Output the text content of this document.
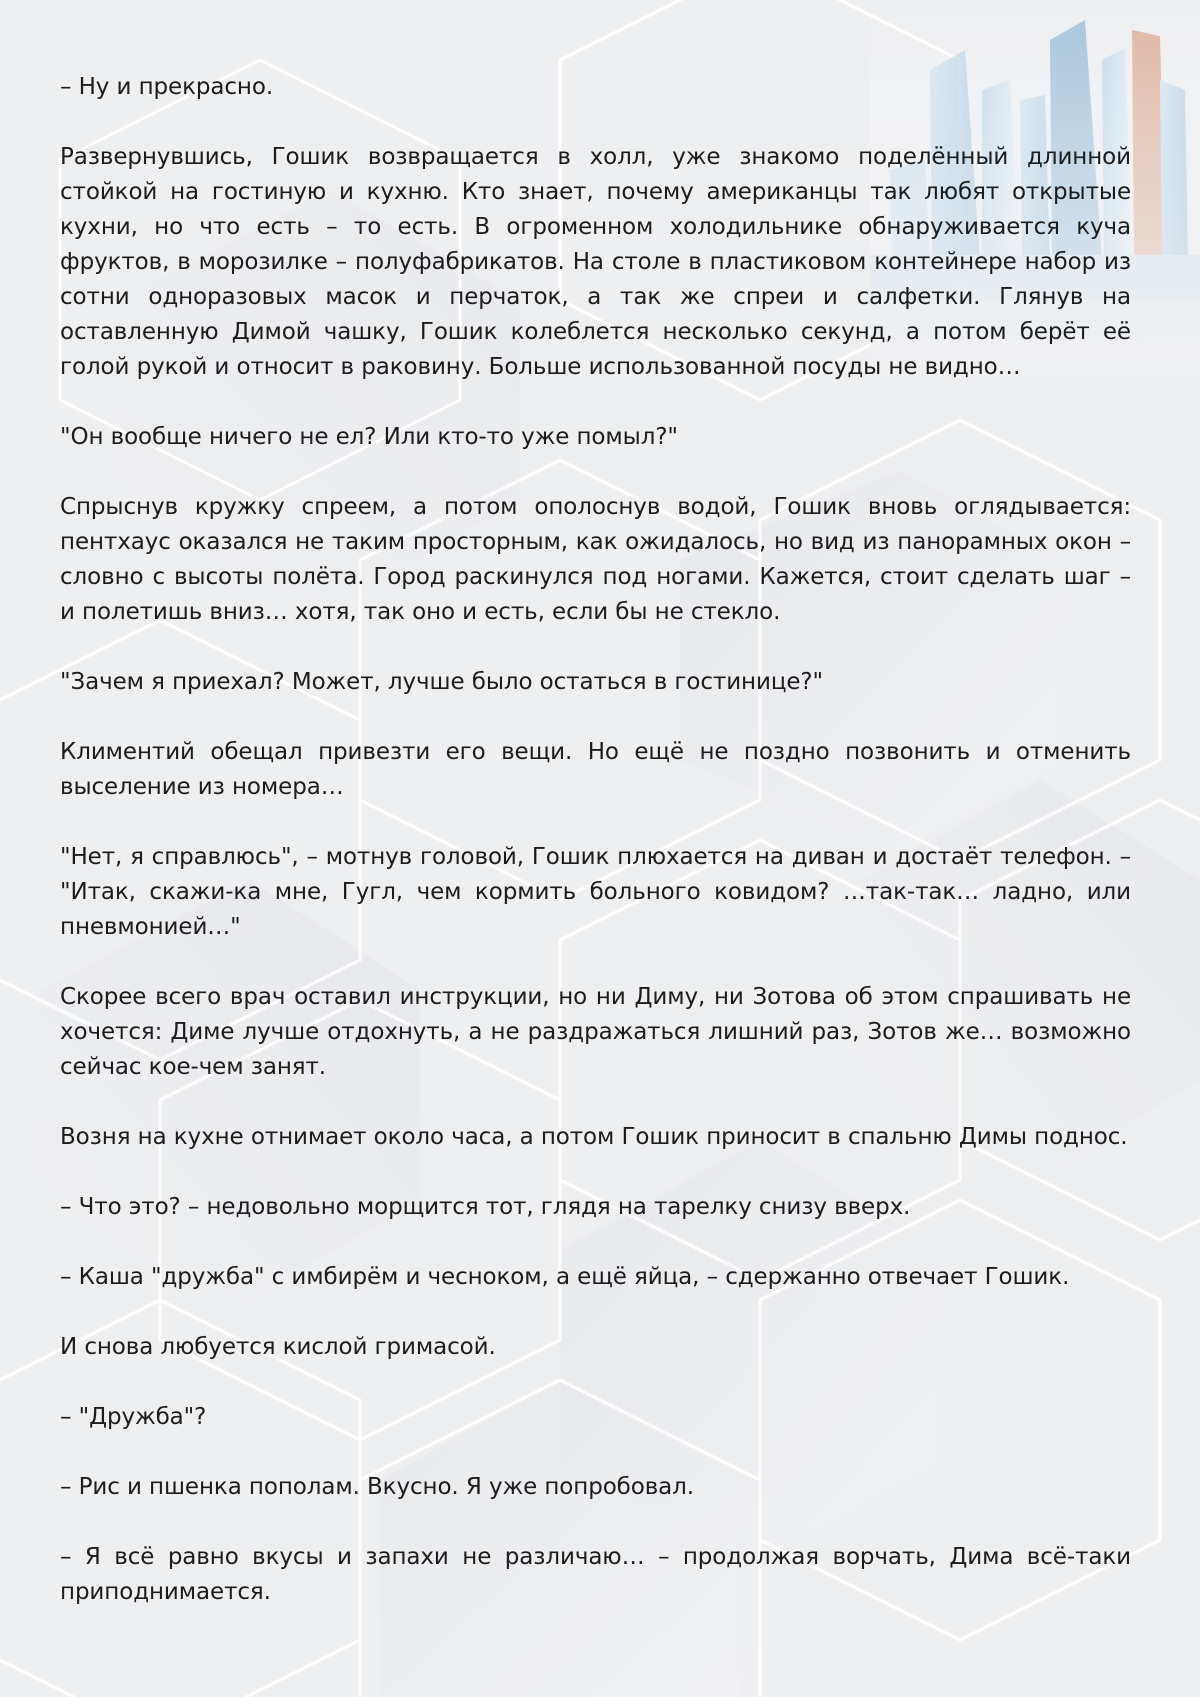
– Ну и прекрасно.

Развернувшись, Гошик возвращается в холл, уже знакомо поделённый длинной стойкой на гостиную и кухню. Кто знает, почему американцы так любят открытые кухни, но что есть – то есть. В огроменном холодильнике обнаруживается куча фруктов, в морозилке – полуфабрикатов. На столе в пластиковом контейнере набор из сотни одноразовых масок и перчаток, а так же спреи и салфетки. Глянув на оставленную Димой чашку, Гошик колеблется несколько секунд, а потом берёт её голой рукой и относит в раковину. Больше использованной посуды не видно…

"Он вообще ничего не ел? Или кто-то уже помыл?"

Спрыснув кружку спреем, а потом ополоснув водой, Гошик вновь оглядывается: пентхаус оказался не таким просторным, как ожидалось, но вид из панорамных окон – словно с высоты полёта. Город раскинулся под ногами. Кажется, стоит сделать шаг – и полетишь вниз… хотя, так оно и есть, если бы не стекло.

"Зачем я приехал? Может, лучше было остаться в гостинице?"

Климентий обещал привезти его вещи. Но ещё не поздно позвонить и отменить выселение из номера…

"Нет, я справлюсь", – мотнув головой, Гошик плюхается на диван и достаёт телефон. – "Итак, скажи-ка мне, Гугл, чем кормить больного ковидом? …так-так… ладно, или пневмонией…"

Скорее всего врач оставил инструкции, но ни Диму, ни Зотова об этом спрашивать не хочется: Диме лучше отдохнуть, а не раздражаться лишний раз, Зотов же… возможно сейчас кое-чем занят.

Возня на кухне отнимает около часа, а потом Гошик приносит в спальню Димы поднос.

– Что это? – недовольно морщится тот, глядя на тарелку снизу вверх.

– Каша "дружба" с имбирём и чесноком, а ещё яйца, – сдержанно отвечает Гошик.

И снова любуется кислой гримасой.

– "Дружба"?

– Рис и пшенка пополам. Вкусно. Я уже попробовал.

– Я всё равно вкусы и запахи не различаю… – продолжая ворчать, Дима всё-таки приподнимается.
